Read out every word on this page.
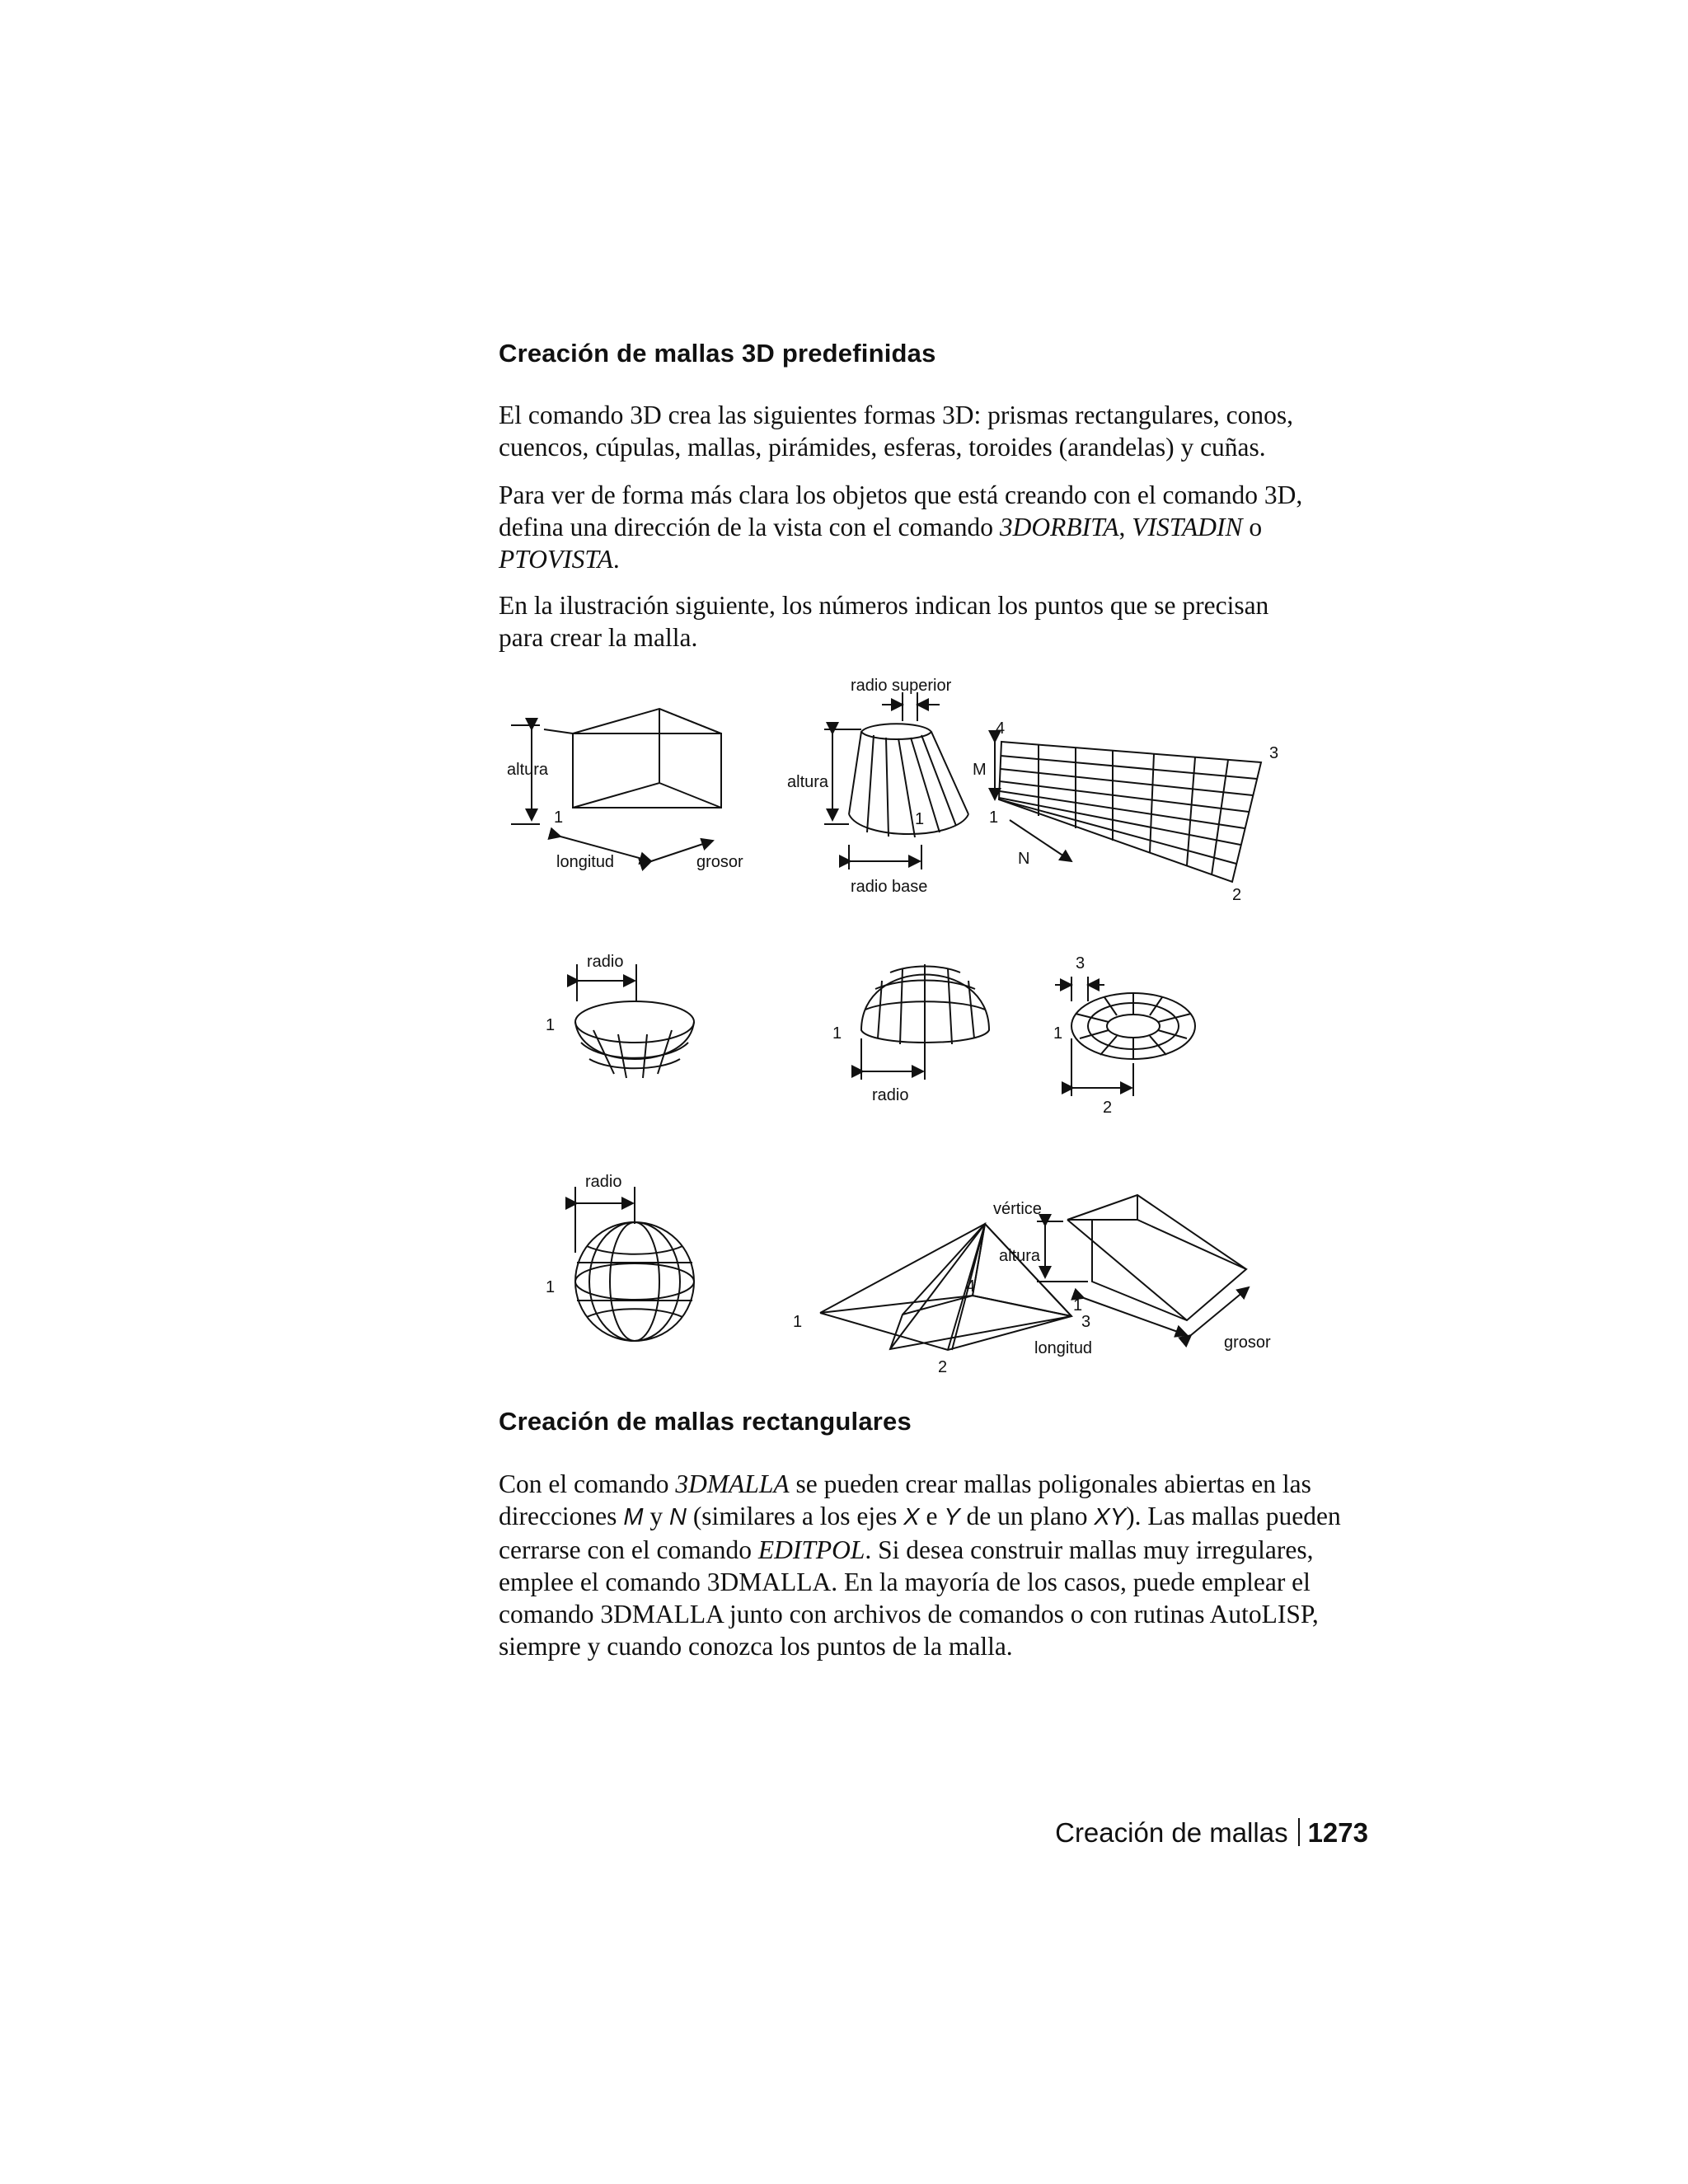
Creación de mallas 3D predefinidas

El comando 3D crea las siguientes formas 3D: prismas rectangulares, conos,
cuencos, cúpulas, mallas, pirámides, esferas, toroides (arandelas) y cuñas.

Para ver de forma más clara los objetos que está creando con el comando 3D,
defina una dirección de la vista con el comando 3DORBITA, VISTADIN o
PTOVISTA.

En la ilustración siguiente, los números indican los puntos que se precisan
para crear la malla.

altura
1
longitud	grosor
radio superior
altura
1
radio base
4
3
M
1
N
2
radio
1	1
radio
3
1
2
radio
1
vértice
4
1	3
2
altura
1
longitud	grosor
Creación de mallas rectangulares

Con el comando 3DMALLA se pueden crear mallas poligonales abiertas en las
direcciones M y N (similares a los ejes X e Y de un plano XY). Las mallas pueden
cerrarse con el comando EDITPOL. Si desea construir mallas muy irregulares,
emplee el comando 3DMALLA. En la mayoría de los casos, puede emplear el
comando 3DMALLA junto con archivos de comandos o con rutinas AutoLISP,
siempre y cuando conozca los puntos de la malla.

Creación de mallas 1273
